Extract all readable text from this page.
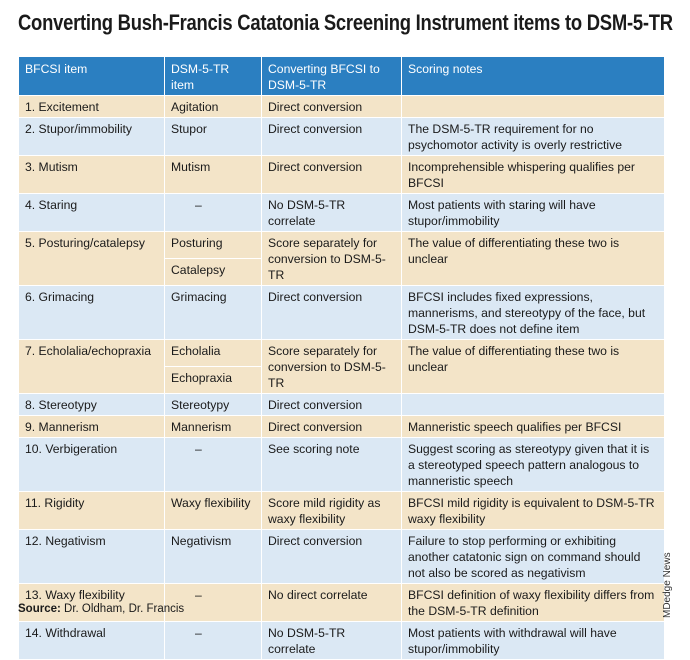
Converting Bush-Francis Catatonia Screening Instrument items to DSM-5-TR
BFCSI item	DSM-5-TR item	Converting BFCSI to DSM-5-TR	Scoring notes
1. Excitement	Agitation	Direct conversion	
2. Stupor/immobility	Stupor	Direct conversion	The DSM-5-TR requirement for no psychomotor activity is overly restrictive
3. Mutism	Mutism	Direct conversion	Incomprehensible whispering qualifies per BFCSI
4. Staring	–	No DSM-5-TR correlate	Most patients with staring will have stupor/immobility
5. Posturing/catalepsy	Posturing	Score separately for conversion to DSM-5-TR	The value of differentiating these two is unclear
	Catalepsy		
6. Grimacing	Grimacing	Direct conversion	BFCSI includes fixed expressions, mannerisms, and stereotypy of the face, but DSM-5-TR does not define item
7. Echolalia/echopraxia	Echolalia	Score separately for conversion to DSM-5-TR	The value of differentiating these two is unclear
	Echopraxia		
8. Stereotypy	Stereotypy	Direct conversion	
9. Mannerism	Mannerism	Direct conversion	Manneristic speech qualifies per BFCSI
10. Verbigeration	–	See scoring note	Suggest scoring as stereotypy given that it is a stereotyped speech pattern analogous to manneristic speech
11. Rigidity	Waxy flexibility	Score mild rigidity as waxy flexibility	BFCSI mild rigidity is equivalent to DSM-5-TR waxy flexibility
12. Negativism	Negativism	Direct conversion	Failure to stop performing or exhibiting another catatonic sign on command should not also be scored as negativism
13. Waxy flexibility	–	No direct correlate	BFCSI definition of waxy flexibility differs from the DSM-5-TR definition
14. Withdrawal	–	No DSM-5-TR correlate	Most patients with withdrawal will have stupor/immobility
Source: Dr. Oldham, Dr. Francis	MDedge News
